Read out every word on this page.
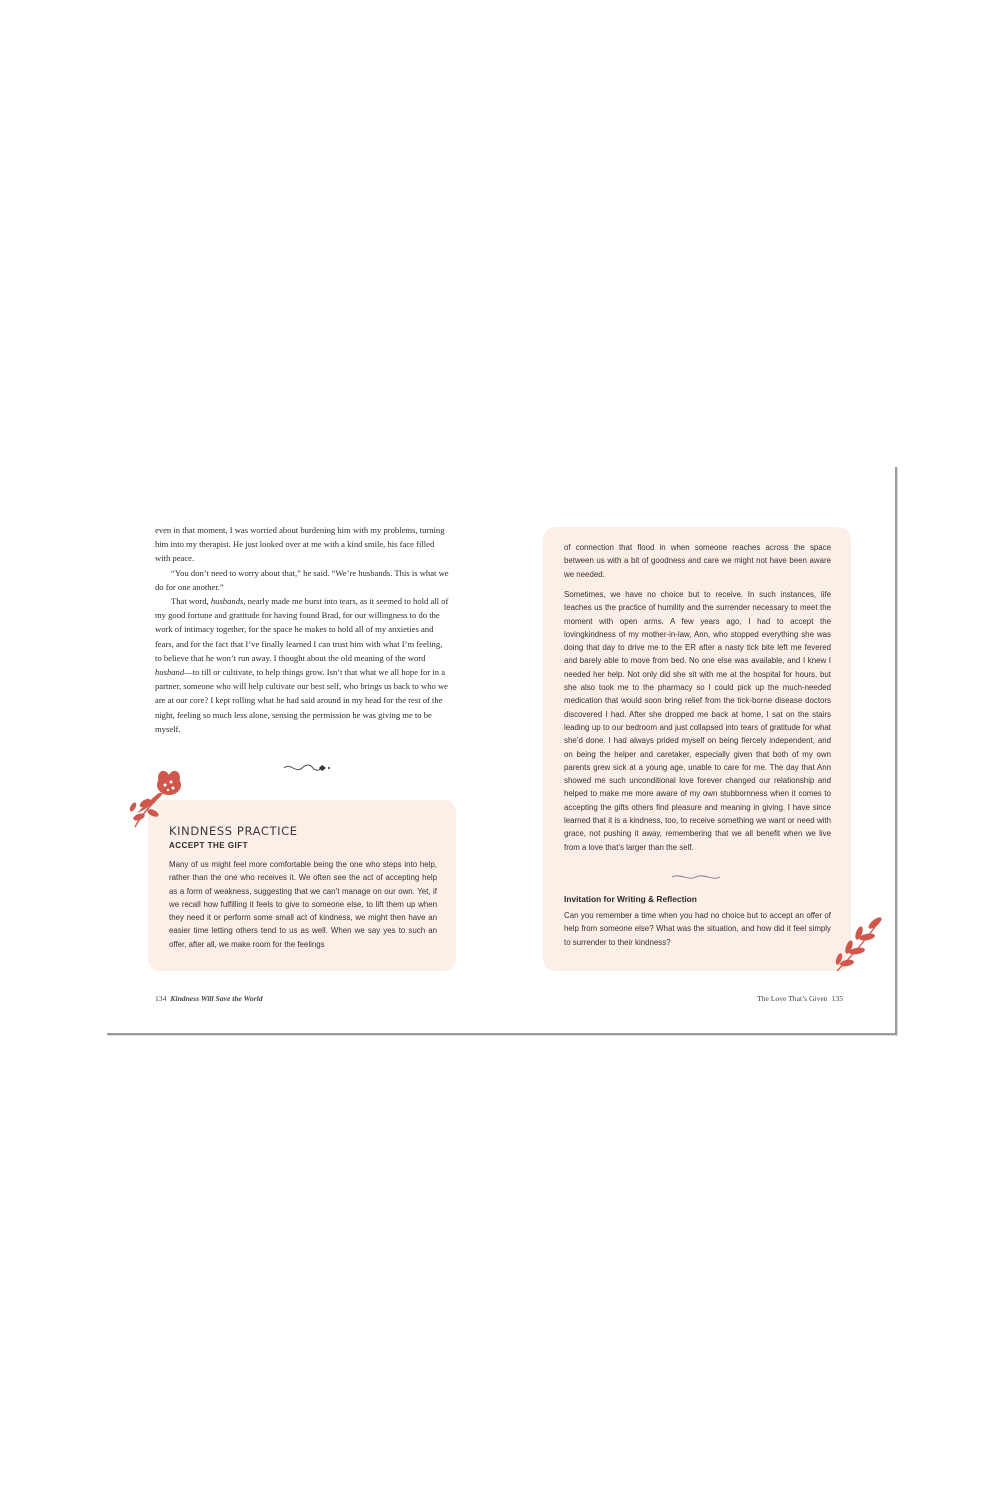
even in that moment, I was worried about burdening him with my problems, turning him into my therapist. He just looked over at me with a kind smile, his face filled with peace.

“You don’t need to worry about that,” he said. “We’re husbands. This is what we do for one another.”

That word, husbands, nearly made me burst into tears, as it seemed to hold all of my good fortune and gratitude for having found Brad, for our willingness to do the work of intimacy together, for the space he makes to hold all of my anxieties and fears, and for the fact that I’ve finally learned I can trust him with what I’m feeling, to believe that he won’t run away. I thought about the old meaning of the word husband—to till or cultivate, to help things grow. Isn’t that what we all hope for in a partner, someone who will help cultivate our best self, who brings us back to who we are at our core? I kept rolling what he had said around in my head for the rest of the night, feeling so much less alone, sensing the permission he was giving me to be myself.

KINDNESS PRACTICE
ACCEPT THE GIFT
Many of us might feel more comfortable being the one who steps into help, rather than the one who receives it. We often see the act of accepting help as a form of weakness, suggesting that we can’t manage on our own. Yet, if we recall how fulfilling it feels to give to someone else, to lift them up when they need it or perform some small act of kindness, we might then have an easier time letting others tend to us as well. When we say yes to such an offer, after all, we make room for the feelings
134 Kindness Will Save the World
of connection that flood in when someone reaches across the space between us with a bit of goodness and care we might not have been aware we needed.
Sometimes, we have no choice but to receive. In such instances, life teaches us the practice of humility and the surrender necessary to meet the moment with open arms. A few years ago, I had to accept the lovingkindness of my mother-in-law, Ann, who stopped everything she was doing that day to drive me to the ER after a nasty tick bite left me fevered and barely able to move from bed. No one else was available, and I knew I needed her help. Not only did she sit with me at the hospital for hours, but she also took me to the pharmacy so I could pick up the much-needed medication that would soon bring relief from the tick-borne disease doctors discovered I had. After she dropped me back at home, I sat on the stairs leading up to our bedroom and just collapsed into tears of gratitude for what she’d done. I had always prided myself on being fiercely independent, and on being the helper and caretaker, especially given that both of my own parents grew sick at a young age, unable to care for me. The day that Ann showed me such unconditional love forever changed our relationship and helped to make me more aware of my own stubbornness when it comes to accepting the gifts others find pleasure and meaning in giving. I have since learned that it is a kindness, too, to receive something we want or need with grace, not pushing it away, remembering that we all benefit when we live from a love that’s larger than the self.
Invitation for Writing & Reflection
Can you remember a time when you had no choice but to accept an offer of help from someone else? What was the situation, and how did it feel simply to surrender to their kindness?
The Love That’s Given 135
